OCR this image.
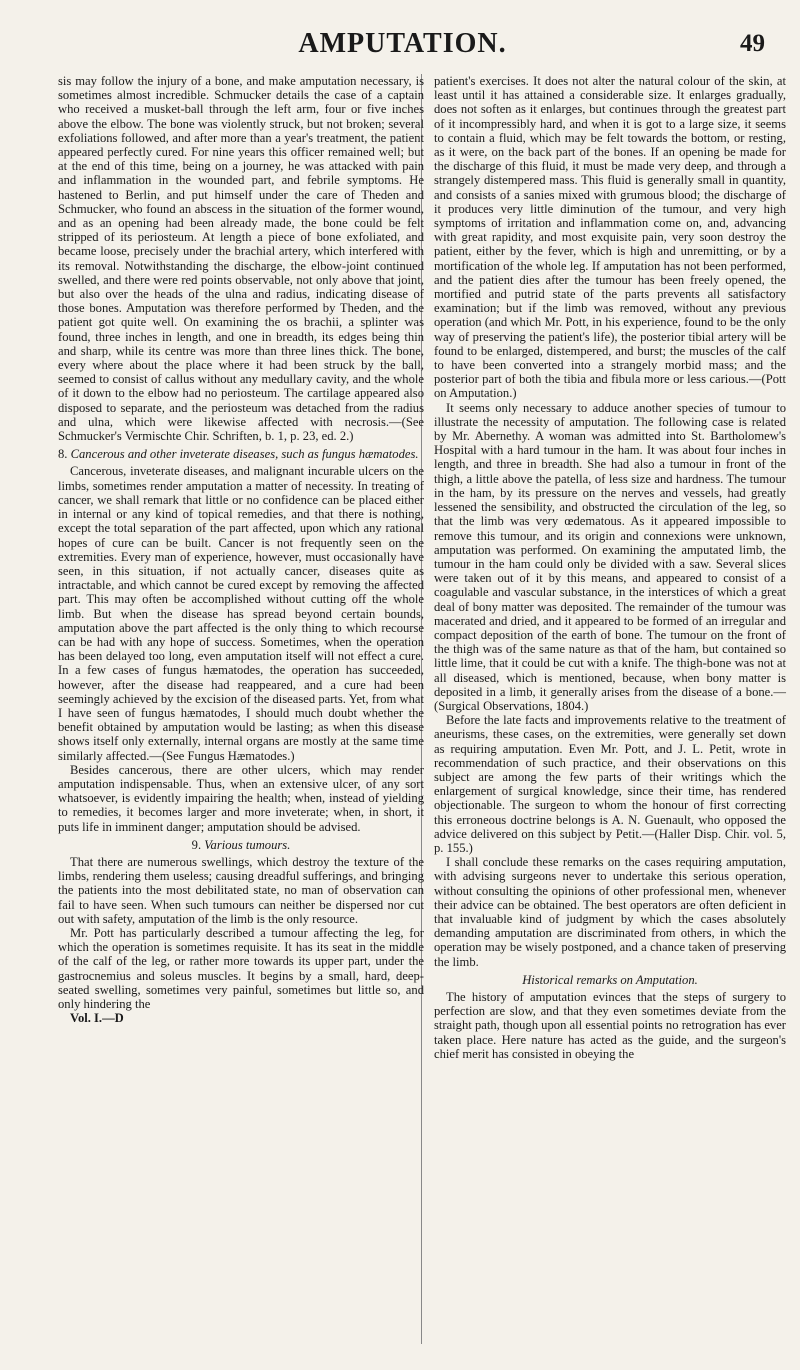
AMPUTATION.	49

sis may follow the injury of a bone, and make amputation necessary, is sometimes almost incredible. Schmucker details the case of a captain who received a musket-ball through the left arm, four or five inches above the elbow. The bone was violently struck, but not broken; several exfoliations followed, and after more than a year's treatment, the patient appeared perfectly cured. For nine years this officer remained well; but at the end of this time, being on a journey, he was attacked with pain and inflammation in the wounded part, and febrile symptoms. He hastened to Berlin, and put himself under the care of Theden and Schmucker, who found an abscess in the situation of the former wound, and as an opening had been already made, the bone could be felt stripped of its periosteum. At length a piece of bone exfoliated, and became loose, precisely under the brachial artery, which interfered with its removal. Notwithstanding the discharge, the elbow-joint continued swelled, and there were red points observable, not only above that joint, but also over the heads of the ulna and radius, indicating disease of those bones. Amputation was therefore performed by Theden, and the patient got quite well. On examining the os brachii, a splinter was found, three inches in length, and one in breadth, its edges being thin and sharp, while its centre was more than three lines thick. The bone, every where about the place where it had been struck by the ball, seemed to consist of callus without any medullary cavity, and the whole of it down to the elbow had no periosteum. The cartilage appeared also disposed to separate, and the periosteum was detached from the radius and ulna, which were likewise affected with necrosis.—(See Schmucker's Vermischte Chir. Schriften, b. 1, p. 23, ed. 2.)

8. Cancerous and other inveterate diseases, such as fungus hæmatodes.

Cancerous, inveterate diseases, and malignant incurable ulcers on the limbs, sometimes render amputation a matter of necessity. In treating of cancer, we shall remark that little or no confidence can be placed either in internal or any kind of topical remedies, and that there is nothing, except the total separation of the part affected, upon which any rational hopes of cure can be built. Cancer is not frequently seen on the extremities. Every man of experience, however, must occasionally have seen, in this situation, if not actually cancer, diseases quite as intractable, and which cannot be cured except by removing the affected part. This may often be accomplished without cutting off the whole limb. But when the disease has spread beyond certain bounds, amputation above the part affected is the only thing to which recourse can be had with any hope of success. Sometimes, when the operation has been delayed too long, even amputation itself will not effect a cure. In a few cases of fungus hæmatodes, the operation has succeeded, however, after the disease had reappeared, and a cure had been seemingly achieved by the excision of the diseased parts. Yet, from what I have seen of fungus hæmatodes, I should much doubt whether the benefit obtained by amputation would be lasting; as when this disease shows itself only externally, internal organs are mostly at the same time similarly affected.—(See Fungus Hæmatodes.)

Besides cancerous, there are other ulcers, which may render amputation indispensable. Thus, when an extensive ulcer, of any sort whatsoever, is evidently impairing the health; when, instead of yielding to remedies, it becomes larger and more inveterate; when, in short, it puts life in imminent danger; amputation should be advised.

9. Various tumours.

That there are numerous swellings, which destroy the texture of the limbs, rendering them useless; causing dreadful sufferings, and bringing the patients into the most debilitated state, no man of observation can fail to have seen. When such tumours can neither be dispersed nor cut out with safety, amputation of the limb is the only resource.

Mr. Pott has particularly described a tumour affecting the leg, for which the operation is sometimes requisite. It has its seat in the middle of the calf of the leg, or rather more towards its upper part, under the gastrocnemius and soleus muscles. It begins by a small, hard, deep-seated swelling, sometimes very painful, sometimes but little so, and only hindering the

Vol. I.—D

patient's exercises. It does not alter the natural colour of the skin, at least until it has attained a considerable size. It enlarges gradually, does not soften as it enlarges, but continues through the greatest part of it incompressibly hard, and when it is got to a large size, it seems to contain a fluid, which may be felt towards the bottom, or resting, as it were, on the back part of the bones. If an opening be made for the discharge of this fluid, it must be made very deep, and through a strangely distempered mass. This fluid is generally small in quantity, and consists of a sanies mixed with grumous blood; the discharge of it produces very little diminution of the tumour, and very high symptoms of irritation and inflammation come on, and, advancing with great rapidity, and most exquisite pain, very soon destroy the patient, either by the fever, which is high and unremitting, or by a mortification of the whole leg. If amputation has not been performed, and the patient dies after the tumour has been freely opened, the mortified and putrid state of the parts prevents all satisfactory examination; but if the limb was removed, without any previous operation (and which Mr. Pott, in his experience, found to be the only way of preserving the patient's life), the posterior tibial artery will be found to be enlarged, distempered, and burst; the muscles of the calf to have been converted into a strangely morbid mass; and the posterior part of both the tibia and fibula more or less carious.—(Pott on Amputation.)

It seems only necessary to adduce another species of tumour to illustrate the necessity of amputation. The following case is related by Mr. Abernethy. A woman was admitted into St. Bartholomew's Hospital with a hard tumour in the ham. It was about four inches in length, and three in breadth. She had also a tumour in front of the thigh, a little above the patella, of less size and hardness. The tumour in the ham, by its pressure on the nerves and vessels, had greatly lessened the sensibility, and obstructed the circulation of the leg, so that the limb was very œdematous. As it appeared impossible to remove this tumour, and its origin and connexions were unknown, amputation was performed. On examining the amputated limb, the tumour in the ham could only be divided with a saw. Several slices were taken out of it by this means, and appeared to consist of a coagulable and vascular substance, in the interstices of which a great deal of bony matter was deposited. The remainder of the tumour was macerated and dried, and it appeared to be formed of an irregular and compact deposition of the earth of bone. The tumour on the front of the thigh was of the same nature as that of the ham, but contained so little lime, that it could be cut with a knife. The thigh-bone was not at all diseased, which is mentioned, because, when bony matter is deposited in a limb, it generally arises from the disease of a bone.—(Surgical Observations, 1804.)

Before the late facts and improvements relative to the treatment of aneurisms, these cases, on the extremities, were generally set down as requiring amputation. Even Mr. Pott, and J. L. Petit, wrote in recommendation of such practice, and their observations on this subject are among the few parts of their writings which the enlargement of surgical knowledge, since their time, has rendered objectionable. The surgeon to whom the honour of first correcting this erroneous doctrine belongs is A. N. Guenault, who opposed the advice delivered on this subject by Petit.—(Haller Disp. Chir. vol. 5, p. 155.)

I shall conclude these remarks on the cases requiring amputation, with advising surgeons never to undertake this serious operation, without consulting the opinions of other professional men, whenever their advice can be obtained. The best operators are often deficient in that invaluable kind of judgment by which the cases absolutely demanding amputation are discriminated from others, in which the operation may be wisely postponed, and a chance taken of preserving the limb.

Historical remarks on Amputation.

The history of amputation evinces that the steps of surgery to perfection are slow, and that they even sometimes deviate from the straight path, though upon all essential points no retrogration has ever taken place. Here nature has acted as the guide, and the surgeon's chief merit has consisted in obeying the
